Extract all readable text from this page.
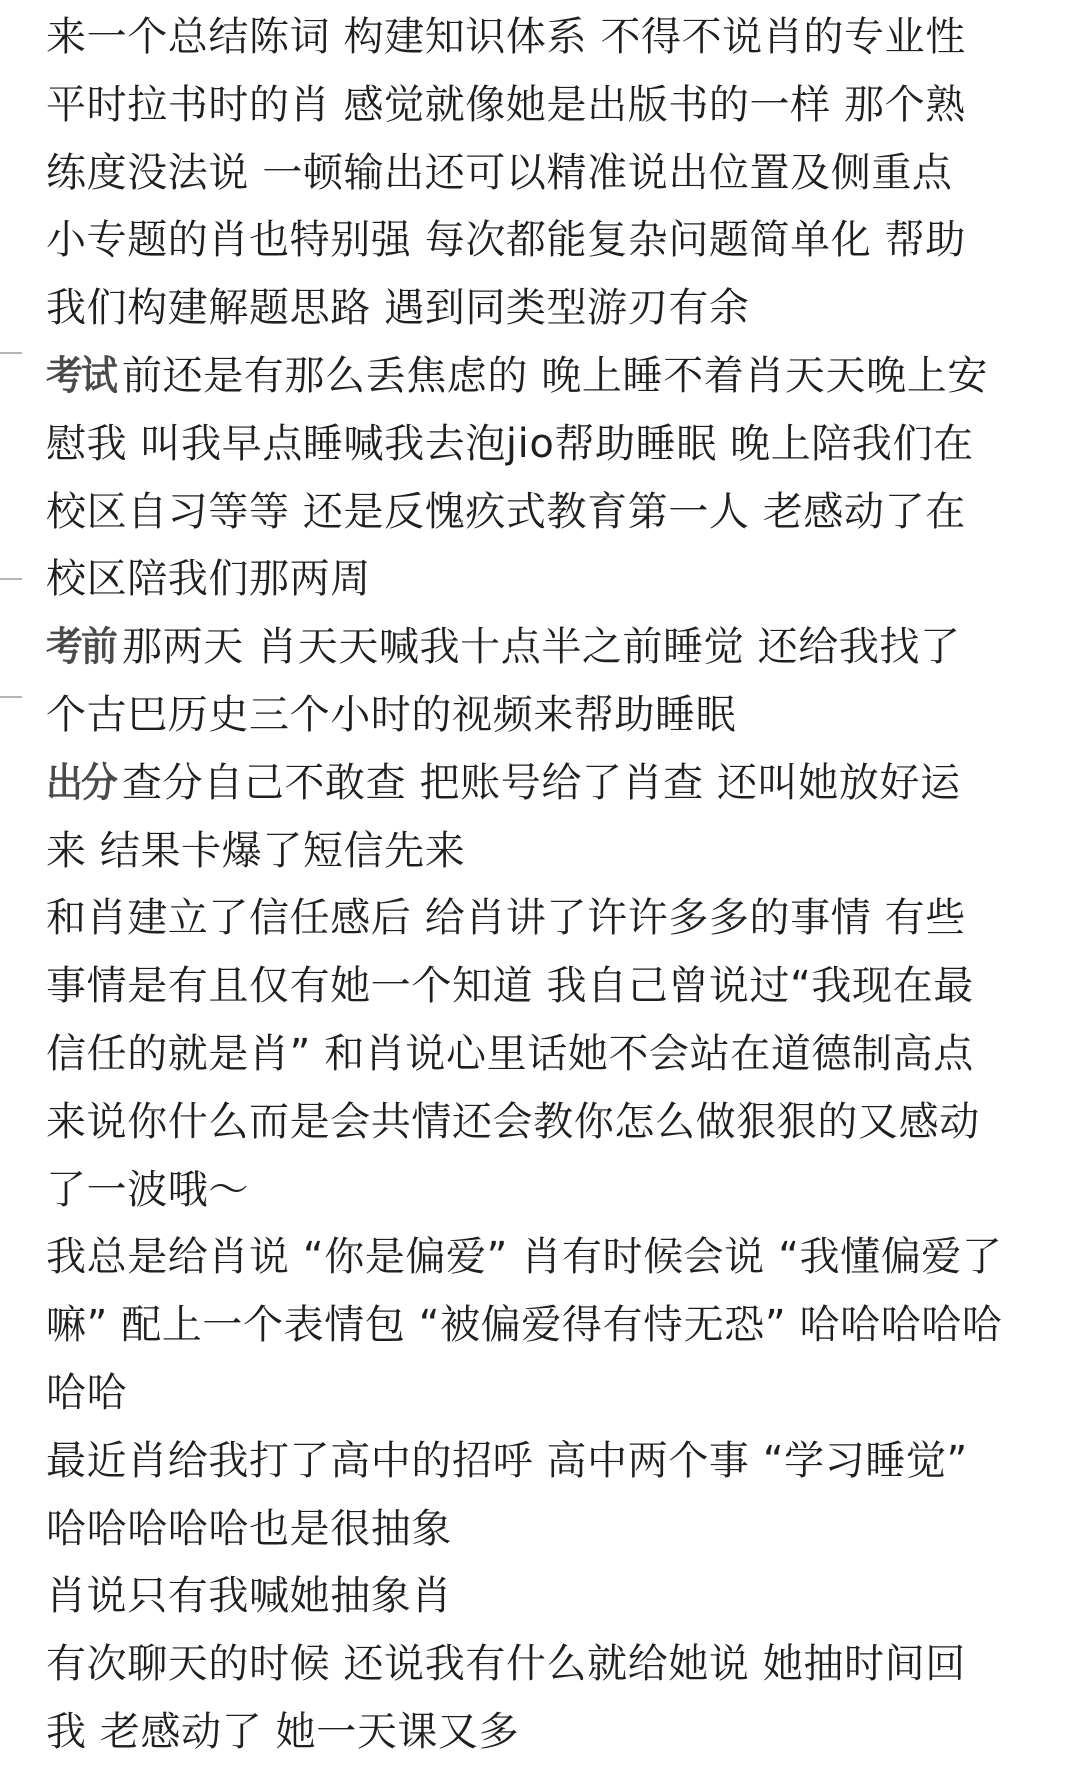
来一个总结陈词 构建知识体系 不得不说肖的专业性
平时拉书时的肖 感觉就像她是出版书的一样 那个熟
练度没法说 一顿输出还可以精准说出位置及侧重点
小专题的肖也特别强 每次都能复杂问题简单化 帮助
我们构建解题思路 遇到同类型游刃有余
考试 前还是有那么丢焦虑的 晚上睡不着肖天天晚上安
慰我 叫我早点睡喊我去泡jio帮助睡眠 晚上陪我们在
校区自习等等 还是反愧疚式教育第一人 老感动了在
校区陪我们那两周
考前 那两天 肖天天喊我十点半之前睡觉 还给我找了
个古巴历史三个小时的视频来帮助睡眠
出分 查分自己不敢查 把账号给了肖查 还叫她放好运
来 结果卡爆了短信先来
和肖建立了信任感后 给肖讲了许许多多的事情 有些
事情是有且仅有她一个知道 我自己曾说过“我现在最
信任的就是肖” 和肖说心里话她不会站在道德制高点
来说你什么而是会共情还会教你怎么做狠狠的又感动
了一波哦～
我总是给肖说 “你是偏爱” 肖有时候会说 “我懂偏爱了
嘛” 配上一个表情包 “被偏爱得有恃无恐” 哈哈哈哈哈
哈哈
最近肖给我打了高中的招呼 高中两个事 “学习睡觉”
哈哈哈哈哈也是很抽象
肖说只有我喊她抽象肖
有次聊天的时候 还说我有什么就给她说 她抽时间回
我 老感动了 她一天课又多
